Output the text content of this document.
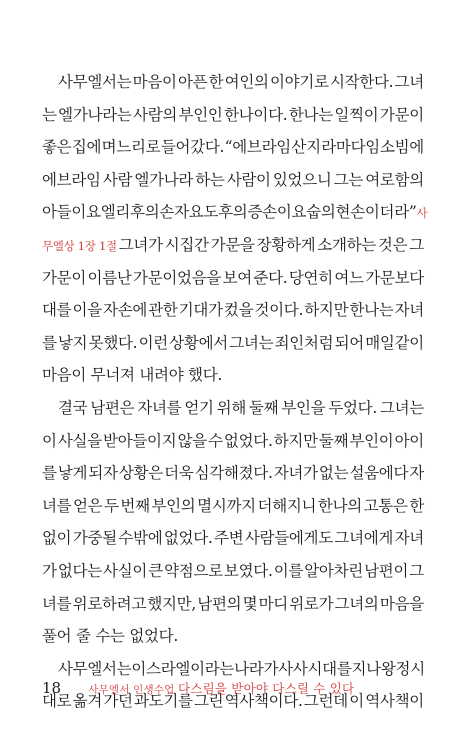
사무엘서는 마음이 아픈 한 여인의 이야기로 시작한다. 그녀
는 엘가나라는 사람의 부인인 한나이다. 한나는 일찍이 가문이
좋은 집에 며느리로 들어갔다. “에브라임 산지 라마다임소빔에
에브라임 사람 엘가나라 하는 사람이 있었으니 그는 여로함의
아들이요 엘리후의 손자요 도후의 증손이요 숩의 현손이더라”사
무엘상 1장 1절 그녀가 시집간 가문을 장황하게 소개하는 것은 그
가문이 이름난 가문이었음을 보여 준다. 당연히 여느 가문보다
대를 이을 자손에 관한 기대가 컸을 것이다. 하지만 한나는 자녀
를 낳지 못했다. 이런 상황에서 그녀는 죄인처럼 되어 매일같이
마음이 무너져 내려야 했다.
결국 남편은 자녀를 얻기 위해 둘째 부인을 두었다. 그녀는
이 사실을 받아들이지 않을 수 없었다. 하지만 둘째 부인이 아이
를 낳게 되자 상황은 더욱 심각해졌다. 자녀가 없는 설움에다 자
녀를 얻은 두 번째 부인의 멸시까지 더해지니 한나의 고통은 한
없이 가중될 수밖에 없었다. 주변 사람들에게도 그녀에게 자녀
가 없다는 사실이 큰 약점으로 보였다. 이를 알아차린 남편이 그
녀를 위로하려고 했지만, 남편의 몇 마디 위로가 그녀의 마음을
풀어 줄 수는 없었다.
사무엘서는 이스라엘이라는 나라가 사사시대를 지나 왕정시
대로 옮겨 가던 과도기를 그린 역사책이다. 그런데 이 역사책이
18	사무엘서 인생수업 다스림을 받아야 다스릴 수 있다
